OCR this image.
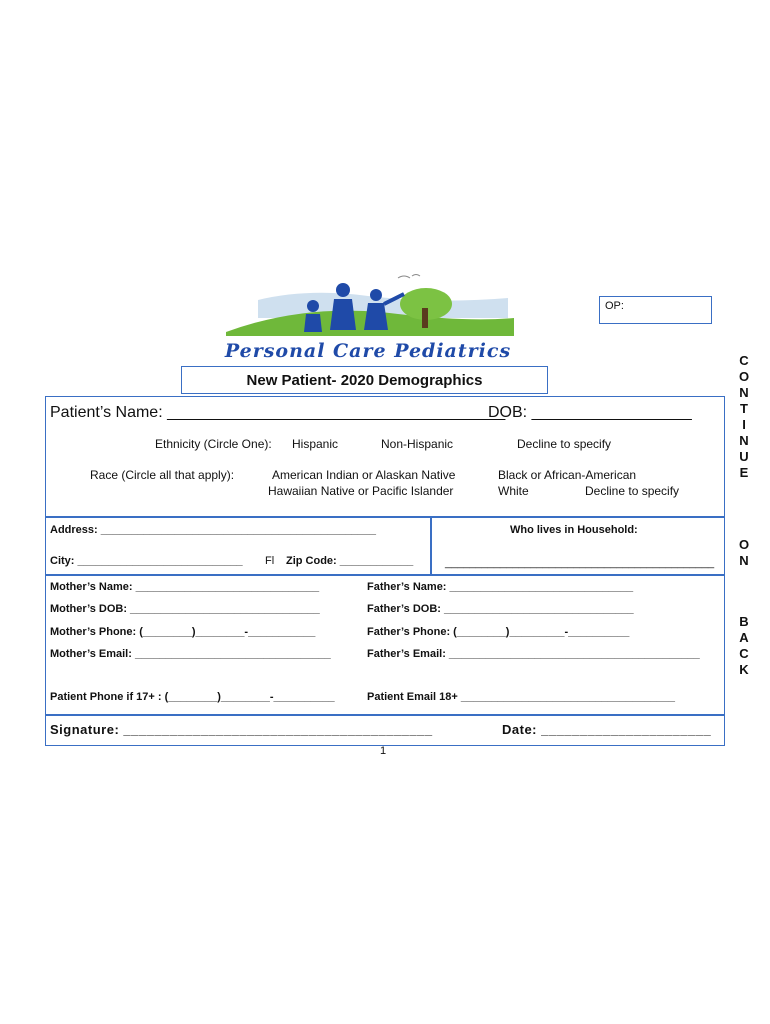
Personal Care Pediatrics
OP:
New Patient- 2020 Demographics
C
O
N
T
I
N
U
E
O
N
B
A
C
K
Patient’s Name: ______________________________________
DOB: __________________
Ethnicity (Circle One): Hispanic	Non-Hispanic	Decline to specify
Race (Circle all that apply):	American Indian or Alaskan Native
Hawaiian Native or Pacific Islander
Black or African-American
White	Decline to specify
Address: _____________________________________________
City: ___________________________ Fl Zip Code: ____________
Who lives in Household:
____________________________________________
Mother’s Name: ______________________________	Father’s Name: ______________________________
Mother’s DOB: _______________________________	Father’s DOB: _______________________________
Mother’s Phone: (________)________-___________	Father’s Phone: (________)_________-__________
Mother’s Email: ________________________________	Father’s Email: _________________________________________
Patient Phone if 17+ : (________)________-__________	Patient Email 18+ ___________________________________
Signature: ________________________________________	Date: ______________________
1
